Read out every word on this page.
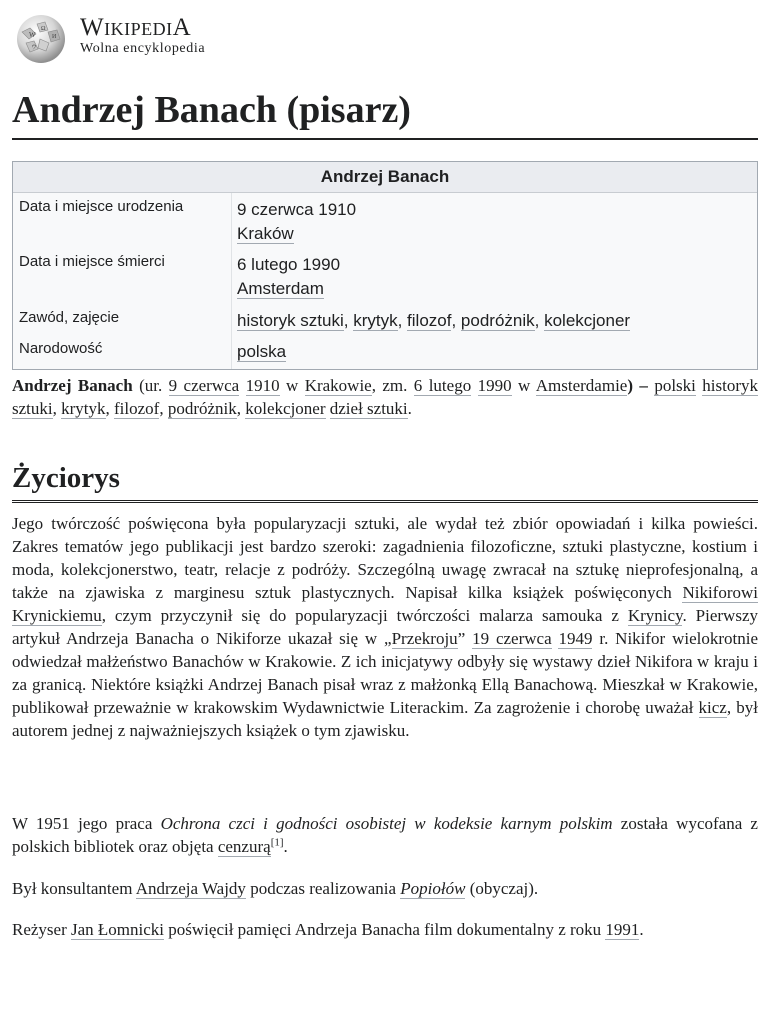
W
Ω
И
ウ
WikipediA
Wolna encyklopedia
Andrzej Banach (pisarz)
Andrzej Banach
Data i miejsce urodzenia	9 czerwca 1910
Kraków
Data i miejsce śmierci	6 lutego 1990
Amsterdam
Zawód, zajęcie	historyk sztuki, krytyk, filozof, podróżnik, kolekcjoner
Narodowość	polska
Andrzej Banach (ur. 9 czerwca 1910 w Krakowie, zm. 6 lutego 1990 w Amsterdamie) – polski historyk sztuki, krytyk, filozof, podróżnik, kolekcjoner dzieł sztuki.
Życiorys
Jego twórczość poświęcona była popularyzacji sztuki, ale wydał też zbiór opowiadań i kilka powieści. Zakres tematów jego publikacji jest bardzo szeroki: zagadnienia filozoficzne, sztuki plastyczne, kostium i moda, kolekcjonerstwo, teatr, relacje z podróży. Szczególną uwagę zwracał na sztukę nieprofesjonalną, a także na zjawiska z marginesu sztuk plastycznych. Napisał kilka książek poświęconych Nikiforowi Krynickiemu, czym przyczynił się do popularyzacji twórczości malarza samouka z Krynicy. Pierwszy artykuł Andrzeja Banacha o Nikiforze ukazał się w „Przekroju” 19 czerwca 1949 r. Nikifor wielokrotnie odwiedzał małżeństwo Banachów w Krakowie. Z ich inicjatywy odbyły się wystawy dzieł Nikifora w kraju i za granicą. Niektóre książki Andrzej Banach pisał wraz z małżonką Ellą Banachową. Mieszkał w Krakowie, publikował przeważnie w krakowskim Wydawnictwie Literackim. Za zagrożenie i chorobę uważał kicz, był autorem jednej z najważniejszych książek o tym zjawisku.
W 1951 jego praca Ochrona czci i godności osobistej w kodeksie karnym polskim została wycofana z polskich bibliotek oraz objęta cenzurą[1].
Był konsultantem Andrzeja Wajdy podczas realizowania Popiołów (obyczaj).
Reżyser Jan Łomnicki poświęcił pamięci Andrzeja Banacha film dokumentalny z roku 1991.
